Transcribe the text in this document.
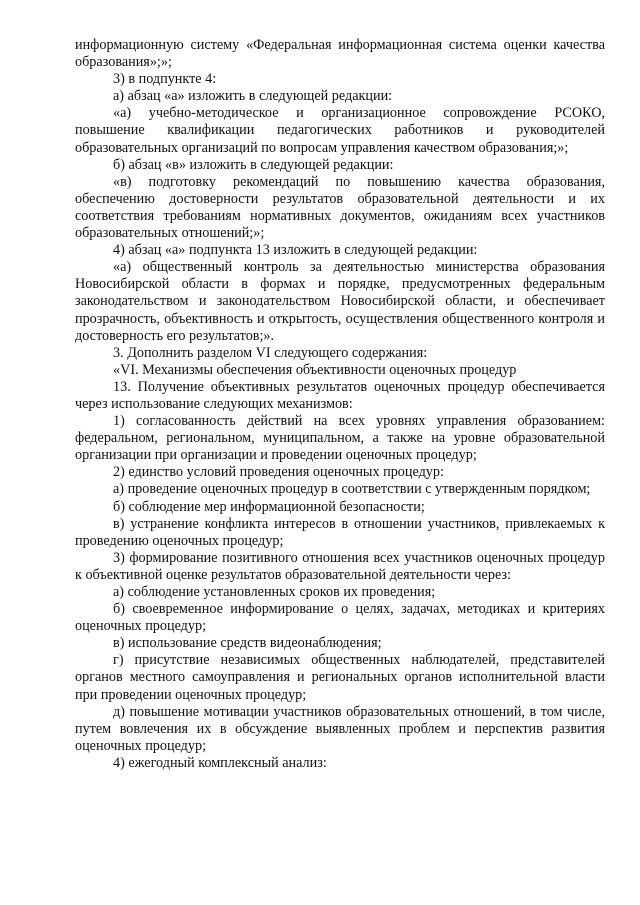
информационную систему «Федеральная информационная система оценки качества образования»;»;

3) в подпункте 4:

а) абзац «а» изложить в следующей редакции:

«а) учебно-методическое и организационное сопровождение РСОКО, повышение квалификации педагогических работников и руководителей образовательных организаций по вопросам управления качеством образования;»;

б) абзац «в» изложить в следующей редакции:

«в) подготовку рекомендаций по повышению качества образования, обеспечению достоверности результатов образовательной деятельности и их соответствия требованиям нормативных документов, ожиданиям всех участников образовательных отношений;»;

4) абзац «а» подпункта 13 изложить в следующей редакции:

«а) общественный контроль за деятельностью министерства образования Новосибирской области в формах и порядке, предусмотренных федеральным законодательством и законодательством Новосибирской области, и обеспечивает прозрачность, объективность и открытость, осуществления общественного контроля и достоверность его результатов;».

3. Дополнить разделом VI следующего содержания:

«VI. Механизмы обеспечения объективности оценочных процедур

13. Получение объективных результатов оценочных процедур обеспечивается через использование следующих механизмов:

1) согласованность действий на всех уровнях управления образованием: федеральном, региональном, муниципальном, а также на уровне образовательной организации при организации и проведении оценочных процедур;

2) единство условий проведения оценочных процедур:

а) проведение оценочных процедур в соответствии с утвержденным порядком;

б) соблюдение мер информационной безопасности;

в) устранение конфликта интересов в отношении участников, привлекаемых к проведению оценочных процедур;

3) формирование позитивного отношения всех участников оценочных процедур к объективной оценке результатов образовательной деятельности через:

а) соблюдение установленных сроков их проведения;

б) своевременное информирование о целях, задачах, методиках и критериях оценочных процедур;

в) использование средств видеонаблюдения;

г) присутствие независимых общественных наблюдателей, представителей органов местного самоуправления и региональных органов исполнительной власти при проведении оценочных процедур;

д) повышение мотивации участников образовательных отношений, в том числе, путем вовлечения их в обсуждение выявленных проблем и перспектив развития оценочных процедур;

4) ежегодный комплексный анализ:
